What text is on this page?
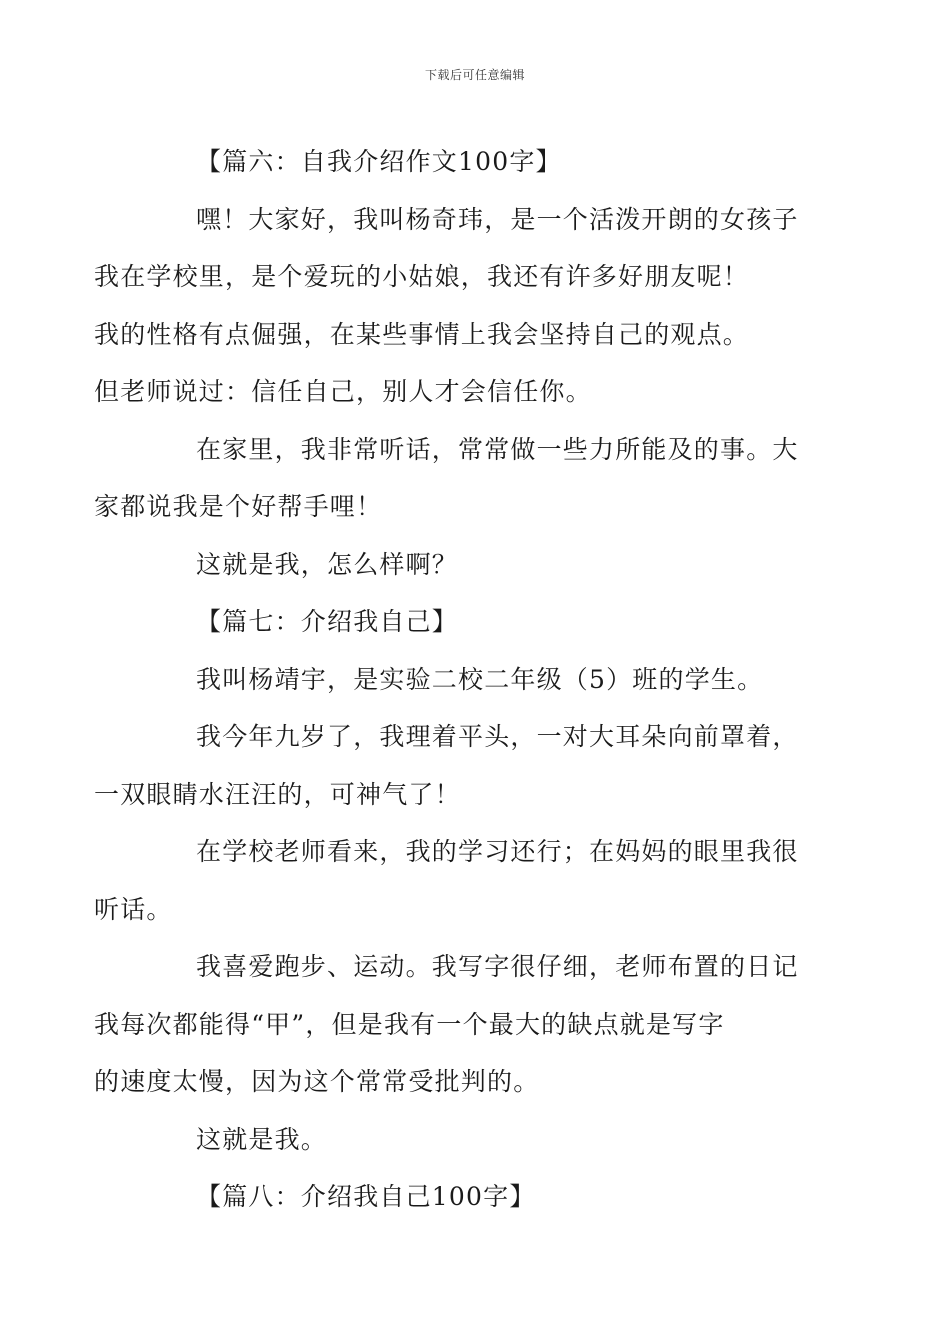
下载后可任意编辑

【篇六：自我介绍作文100字】

嘿！大家好，我叫杨奇玮，是一个活泼开朗的女孩子
我在学校里，是个爱玩的小姑娘，我还有许多好朋友呢！
我的性格有点倔强，在某些事情上我会坚持自己的观点。
但老师说过：信任自己，别人才会信任你。

在家里，我非常听话，常常做一些力所能及的事。大
家都说我是个好帮手哩！

这就是我，怎么样啊？

【篇七：介绍我自己】

我叫杨靖宇，是实验二校二年级（5）班的学生。

我今年九岁了，我理着平头，一对大耳朵向前罩着，
一双眼睛水汪汪的，可神气了！

在学校老师看来，我的学习还行；在妈妈的眼里我很
听话。

我喜爱跑步、运动。我写字很仔细，老师布置的日记
我每次都能得“甲”，但是我有一个最大的缺点就是写字
的速度太慢，因为这个常常受批判的。

这就是我。

【篇八：介绍我自己100字】
